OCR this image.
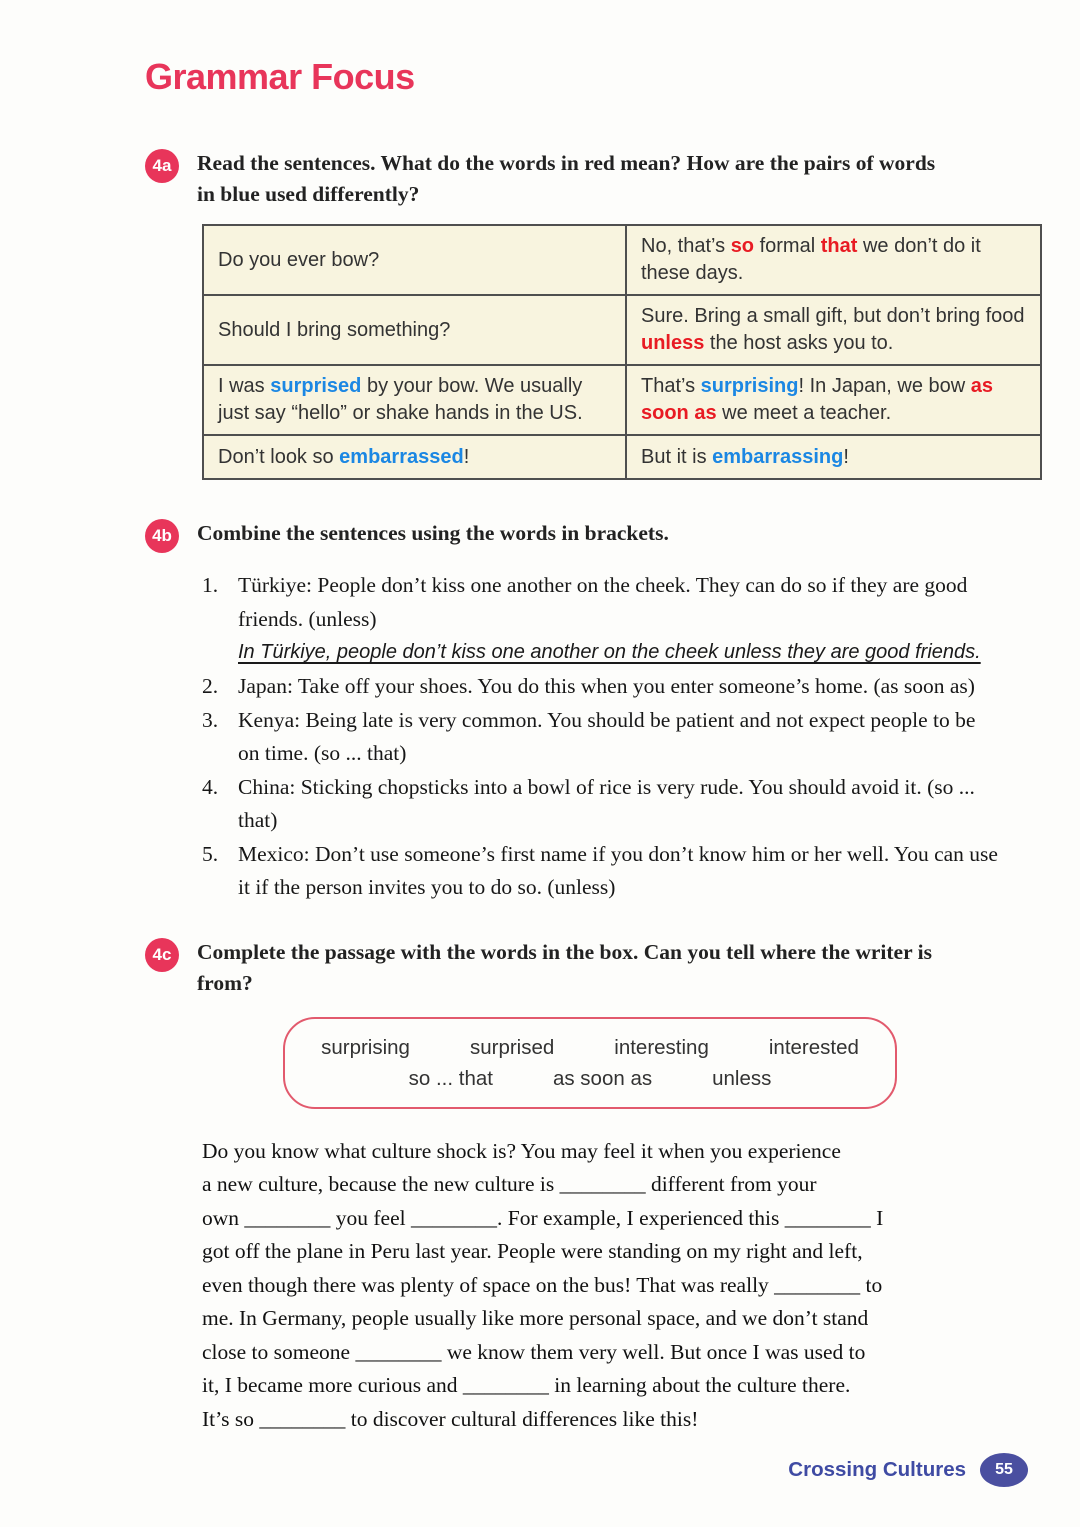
Grammar Focus
4a	Read the sentences. What do the words in red mean? How are the pairs of words in blue used differently?

Do you ever bow?	No, that’s so formal that we don’t do it these days.
Should I bring something?	Sure. Bring a small gift, but don’t bring food unless the host asks you to.
I was surprised by your bow. We usually just say “hello” or shake hands in the US.	That’s surprising! In Japan, we bow as soon as we meet a teacher.
Don’t look so embarrassed!	But it is embarrassing!
4b	Combine the sentences using the words in brackets.

1. Türkiye: People don’t kiss one another on the cheek. They can do so if they are good friends. (unless)
In Türkiye, people don’t kiss one another on the cheek unless they are good friends.
2. Japan: Take off your shoes. You do this when you enter someone’s home. (as soon as)
3. Kenya: Being late is very common. You should be patient and not expect people to be on time. (so ... that)
4. China: Sticking chopsticks into a bowl of rice is very rude. You should avoid it. (so ... that)
5. Mexico: Don’t use someone’s first name if you don’t know him or her well. You can use it if the person invites you to do so. (unless)
4c	Complete the passage with the words in the box. Can you tell where the writer is from?

surprising	surprised	interesting	interested
so ... that	as soon as	unless
Do you know what culture shock is? You may feel it when you experience
a new culture, because the new culture is ________ different from your
own ________ you feel ________. For example, I experienced this ________ I
got off the plane in Peru last year. People were standing on my right and left,
even though there was plenty of space on the bus! That was really ________ to
me. In Germany, people usually like more personal space, and we don’t stand
close to someone ________ we know them very well. But once I was used to
it, I became more curious and ________ in learning about the culture there.
It’s so ________ to discover cultural differences like this!
Crossing Cultures	55
